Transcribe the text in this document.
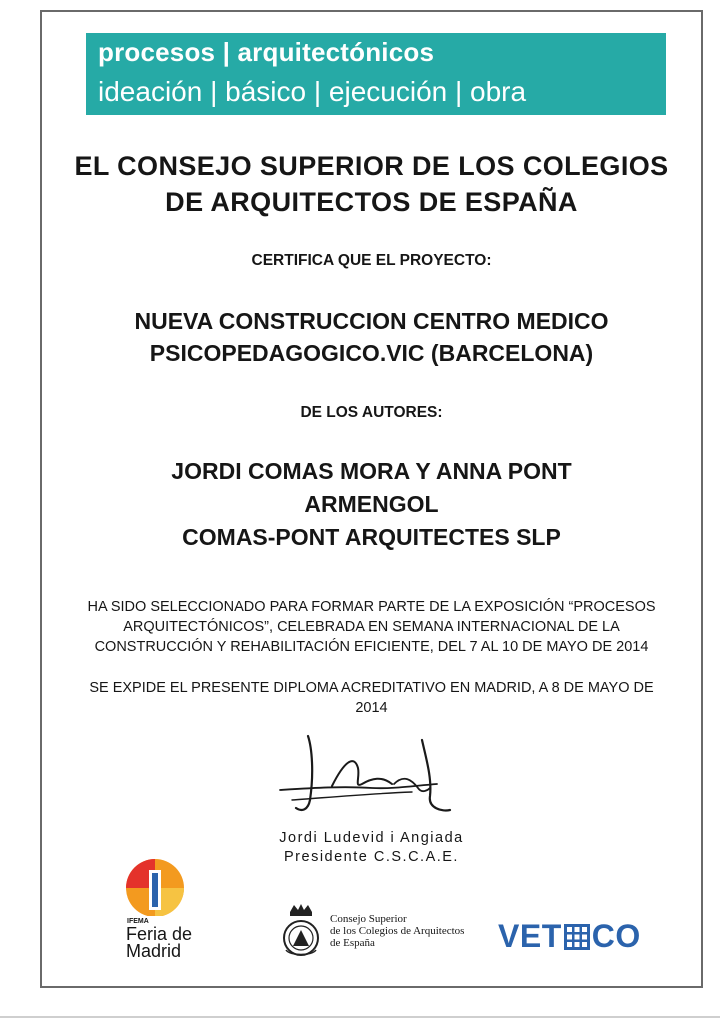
procesos | arquitectónicos
ideación | básico | ejecución | obra
EL CONSEJO SUPERIOR DE LOS COLEGIOS
DE ARQUITECTOS DE ESPAÑA
CERTIFICA QUE EL PROYECTO:
NUEVA CONSTRUCCION CENTRO MEDICO
PSICOPEDAGOGICO.VIC (BARCELONA)
DE LOS AUTORES:
JORDI COMAS MORA Y ANNA PONT
ARMENGOL
COMAS-PONT ARQUITECTES SLP
HA SIDO SELECCIONADO PARA FORMAR PARTE DE LA EXPOSICIÓN “PROCESOS ARQUITECTÓNICOS”, CELEBRADA EN SEMANA INTERNACIONAL DE LA CONSTRUCCIÓN Y REHABILITACIÓN EFICIENTE, DEL 7 AL 10 DE MAYO DE 2014
SE EXPIDE EL PRESENTE DIPLOMA ACREDITATIVO EN MADRID, A 8 DE MAYO DE 2014
Jordi Ludevid i Angiada
Presidente C.S.C.A.E.
IFEMA
Feria de
Madrid
Consejo Superior
de los Colegios de Arquitectos
de España	VET CO
